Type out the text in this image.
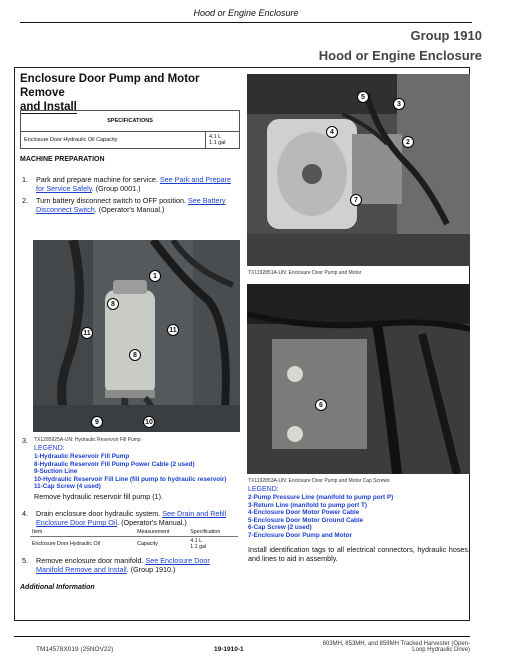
Hood or Engine Enclosure
Group 1910
Hood or Engine Enclosure
Enclosure Door Pump and Motor Remove
and Install
SPECIFICATIONS
Enclosure Door Hydraulic Oil Capacity	4.1 L
1.1 gal
MACHINE PREPARATION
1. Park and prepare machine for service. See Park and Prepare
for Service Safely. (Group 0001.)
2. Turn battery disconnect switch to OFF position. See Battery
Disconnect Switch. (Operator's Manual.)
1
8
11	11
8
9	10
3. TX1285925A-UN: Hydraulic Reservoir Fill Pump
LEGEND:
1-Hydraulic Reservoir Fill Pump
8-Hydraulic Reservoir Fill Pump Power Cable (2 used)
9-Suction Line
10-Hydraulic Reservoir Fill Line (fill pump to hydraulic reservoir)
11-Cap Screw (4 used)
Remove hydraulic reservoir fill pump (1).
4. Drain enclosure door hydraulic system. See Drain and Refill
Enclosure Door Pump Oil. (Operator's Manual.)
Item	Measurement	Specification
Enclosure Door Hydraulic Oil	Capacity	4.1 L
1.1 gal
5. Remove enclosure door manifold. See Enclosure Door
Manifold Remove and Install. (Group 1910.)
Additional Information
5
3
4
2
7
TX1192851A-UN: Enclosure Door Pump and Motor
6
TX1192853A-UN: Enclosure Door Pump and Motor Cap Screws
LEGEND:
2-Pump Pressure Line (manifold to pump port P)
3-Return Line (manifold to pump port T)
4-Enclosure Door Motor Power Cable
5-Enclosure Door Motor Ground Cable
6-Cap Screw (2 used)
7-Enclosure Door Pump and Motor
Install identification tags to all electrical connectors, hydraulic hoses, and lines to aid in assembly.
TM14578X019 (25NOV22)	19-1910-1
803MH, 853MH, and 859MH Tracked Harvester (Open-
Loop Hydraulic Drive)
